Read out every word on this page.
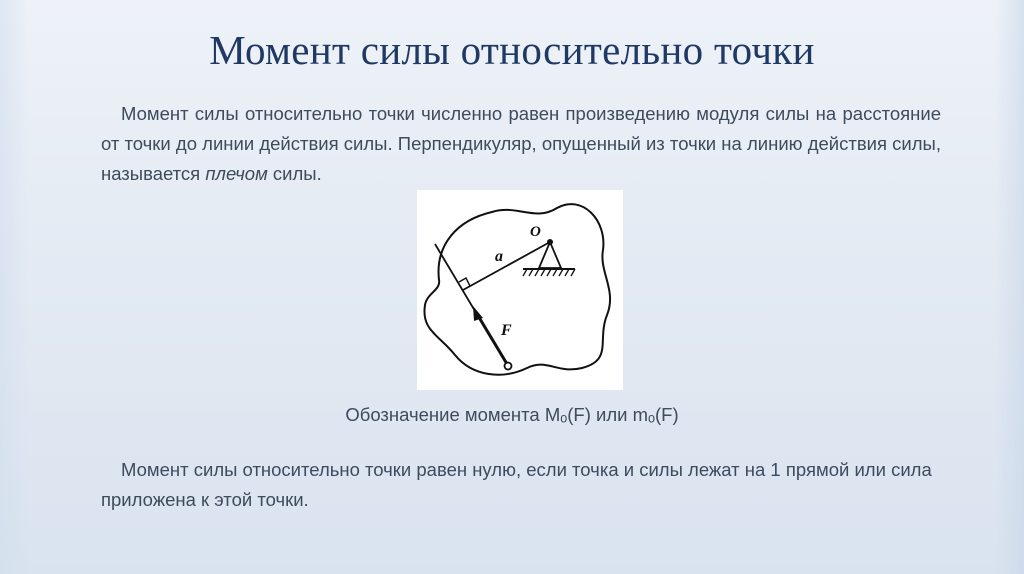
Момент силы относительно точки
Момент силы относительно точки численно равен произведению модуля силы на расстояние от точки до линии действия силы. Перпендикуляр, опущенный из точки на линию действия силы, называется плечом силы.
O
a
F
Обозначение момента Mₒ(F) или mₒ(F)
Момент силы относительно точки равен нулю, если точка и силы лежат на 1 прямой или сила приложена к этой точки.
